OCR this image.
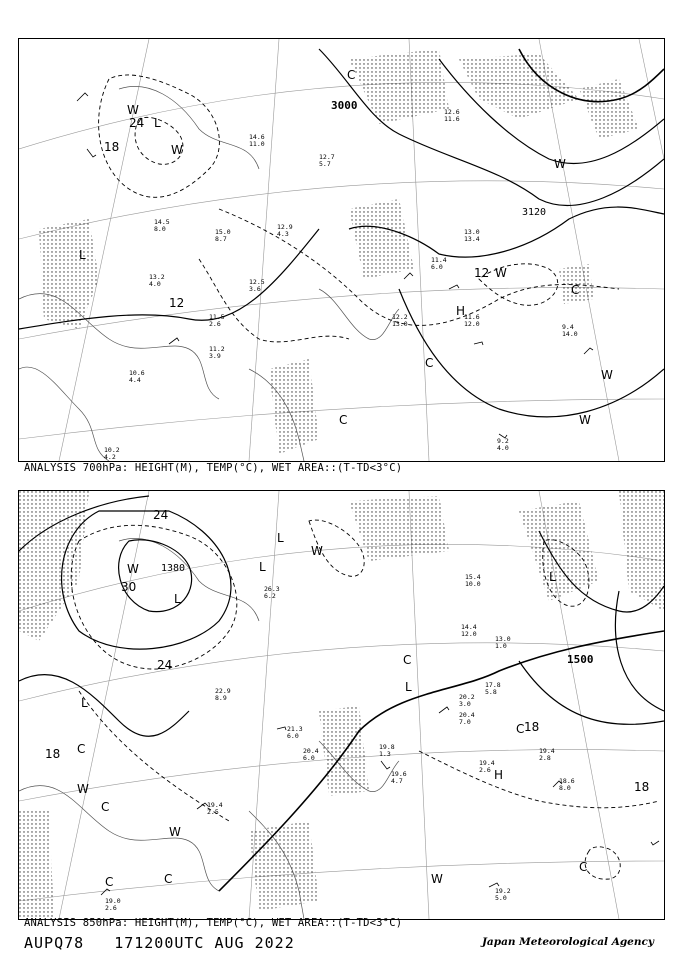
3000
3120
24
18
12
12
W
L
W
L
C
H
W
W
C
C
W
W
C
12.7
5.7
12.9
4.3
13.2
4.0
14.6
11.0
12.6
11.6
11.4
6.0
11.6
12.0	9.4
14.0
12.2
13.0
11.2
3.9
10.6
4.4
14.5
8.0	15.0
8.7
12.5
3.6
13.0
13.4
9.2
4.0
10.2
4.2
11.5
2.6
ANALYSIS 700hPa: HEIGHT(M), TEMP(°C), WET AREA::(T-TD<3°C)
1380
1500
24
30
24
18
18
18
W
L
L
W
L
L
C
C
W
L
C
H
C
W
C	C	W
C
L
19.8
1.3
19.6
4.7
20.4
7.0
19.4
2.6
18.6
8.0
19.2
5.0
19.4
2.5
19.0
2.6
22.9
8.9
21.3
6.0
20.4
6.0
17.8
5.8
15.4
10.0
14.4
12.0
13.0
1.0
19.4
2.8
20.2
3.0
26.3
6.2
ANALYSIS 850hPa: HEIGHT(M), TEMP(°C), WET AREA::(T-TD<3°C)
AUPQ78 171200UTC AUG 2022	Japan Meteorological Agency
